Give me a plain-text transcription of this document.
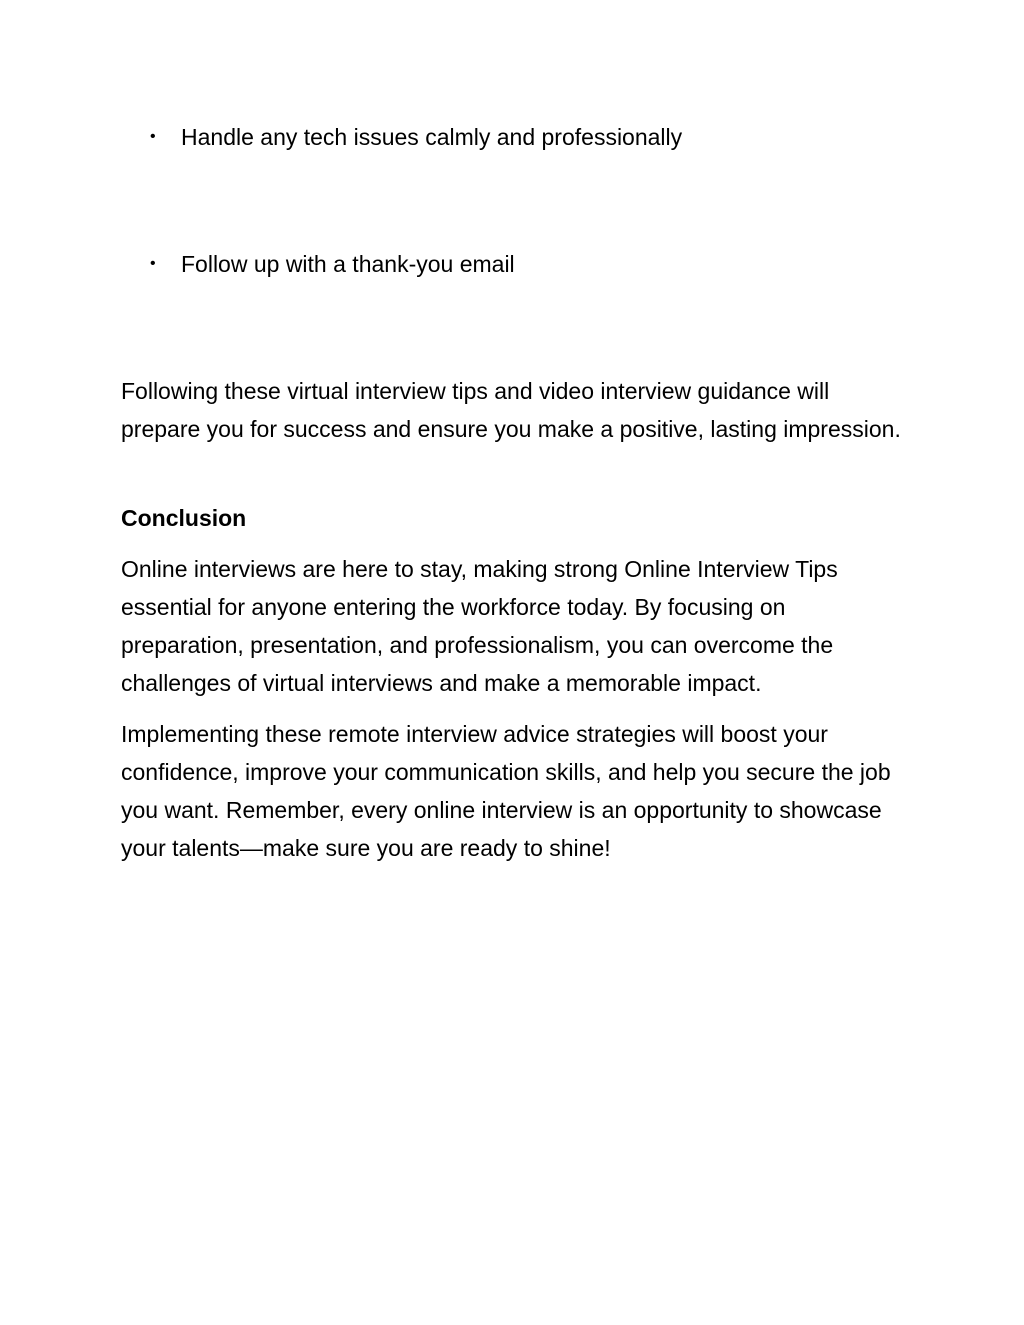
•	Handle any tech issues calmly and professionally
•	Follow up with a thank-you email

Following these virtual interview tips and video interview guidance will prepare you for success and ensure you make a positive, lasting impression.

Conclusion

Online interviews are here to stay, making strong Online Interview Tips essential for anyone entering the workforce today. By focusing on preparation, presentation, and professionalism, you can overcome the challenges of virtual interviews and make a memorable impact.

Implementing these remote interview advice strategies will boost your confidence, improve your communication skills, and help you secure the job you want. Remember, every online interview is an opportunity to showcase your talents—make sure you are ready to shine!
